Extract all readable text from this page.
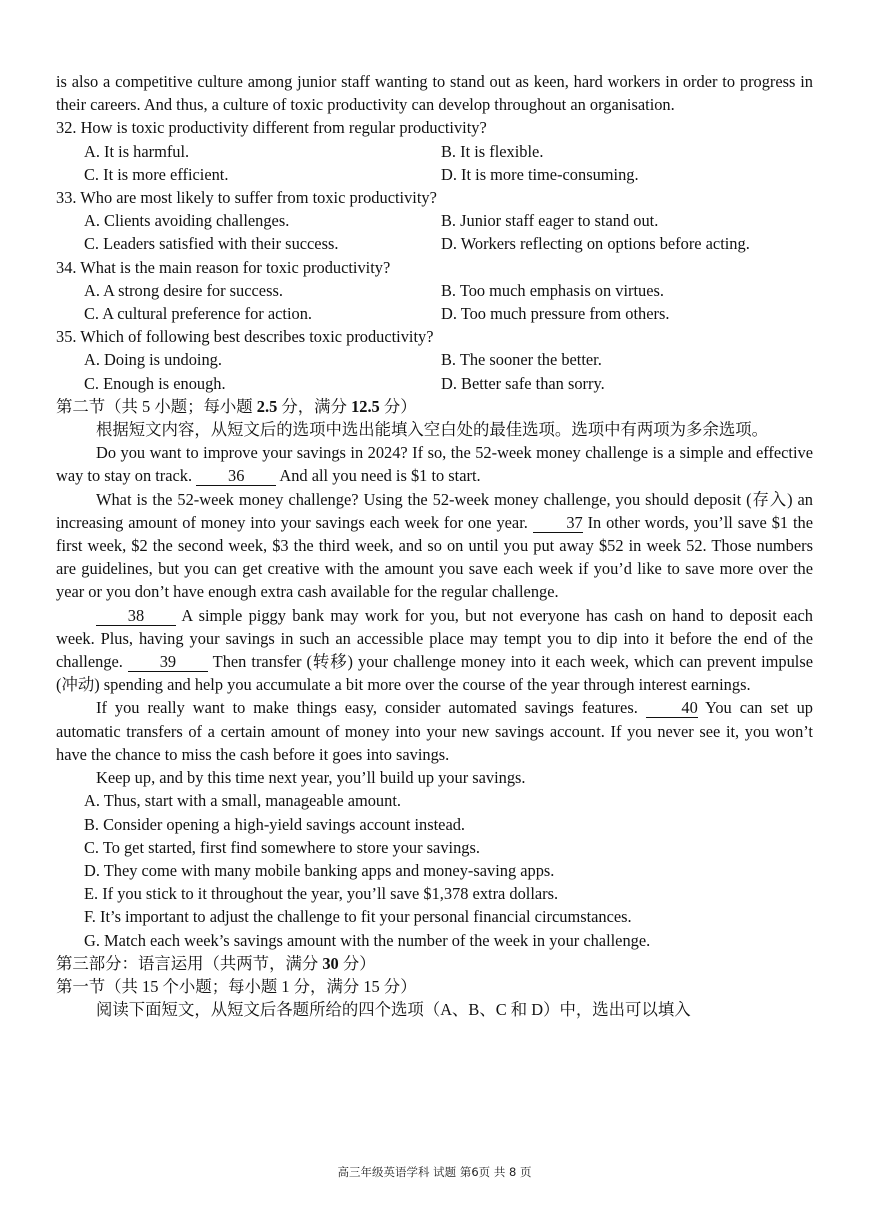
is also a competitive culture among junior staff wanting to stand out as keen, hard workers in order to progress in their careers. And thus, a culture of toxic productivity can develop throughout an organisation.

32. How is toxic productivity different from regular productivity?

A. It is harmful.	B. It is flexible.
C. It is more efficient.	D. It is more time-consuming.

33. Who are most likely to suffer from toxic productivity?

A. Clients avoiding challenges.	B. Junior staff eager to stand out.
C. Leaders satisfied with their success.	D. Workers reflecting on options before acting.

34. What is the main reason for toxic productivity?

A. A strong desire for success.	B. Too much emphasis on virtues.
C. A cultural preference for action.	D. Too much pressure from others.

35. Which of following best describes toxic productivity?

A. Doing is undoing.	B. The sooner the better.
C. Enough is enough.	D. Better safe than sorry.

第二节（共 5 小题；每小题 2.5 分，满分 12.5 分）

根据短文内容，从短文后的选项中选出能填入空白处的最佳选项。选项中有两项为多余选项。

Do you want to improve your savings in 2024? If so, the 52-week money challenge is a simple and effective way to stay on track. 36 And all you need is $1 to start.

What is the 52-week money challenge? Using the 52-week money challenge, you should deposit (存入) an increasing amount of money into your savings each week for one year. 37 In other words, you’ll save $1 the first week, $2 the second week, $3 the third week, and so on until you put away $52 in week 52. Those numbers are guidelines, but you can get creative with the amount you save each week if you’d like to save more over the year or you don’t have enough extra cash available for the regular challenge.

38 A simple piggy bank may work for you, but not everyone has cash on hand to deposit each week. Plus, having your savings in such an accessible place may tempt you to dip into it before the end of the challenge. 39 Then transfer (转移) your challenge money into it each week, which can prevent impulse (冲动) spending and help you accumulate a bit more over the course of the year through interest earnings.

If you really want to make things easy, consider automated savings features. 40 You can set up automatic transfers of a certain amount of money into your new savings account. If you never see it, you won’t have the chance to miss the cash before it goes into savings.

Keep up, and by this time next year, you’ll build up your savings.

A. Thus, start with a small, manageable amount.

B. Consider opening a high-yield savings account instead.

C. To get started, first find somewhere to store your savings.

D. They come with many mobile banking apps and money-saving apps.

E. If you stick to it throughout the year, you’ll save $1,378 extra dollars.

F. It’s important to adjust the challenge to fit your personal financial circumstances.

G. Match each week’s savings amount with the number of the week in your challenge.

第三部分：语言运用（共两节，满分 30 分）

第一节（共 15 个小题；每小题 1 分，满分 15 分）

阅读下面短文，从短文后各题所给的四个选项（A、B、C 和 D）中，选出可以填入

高三年级英语学科 试题 第6页 共 8 页
